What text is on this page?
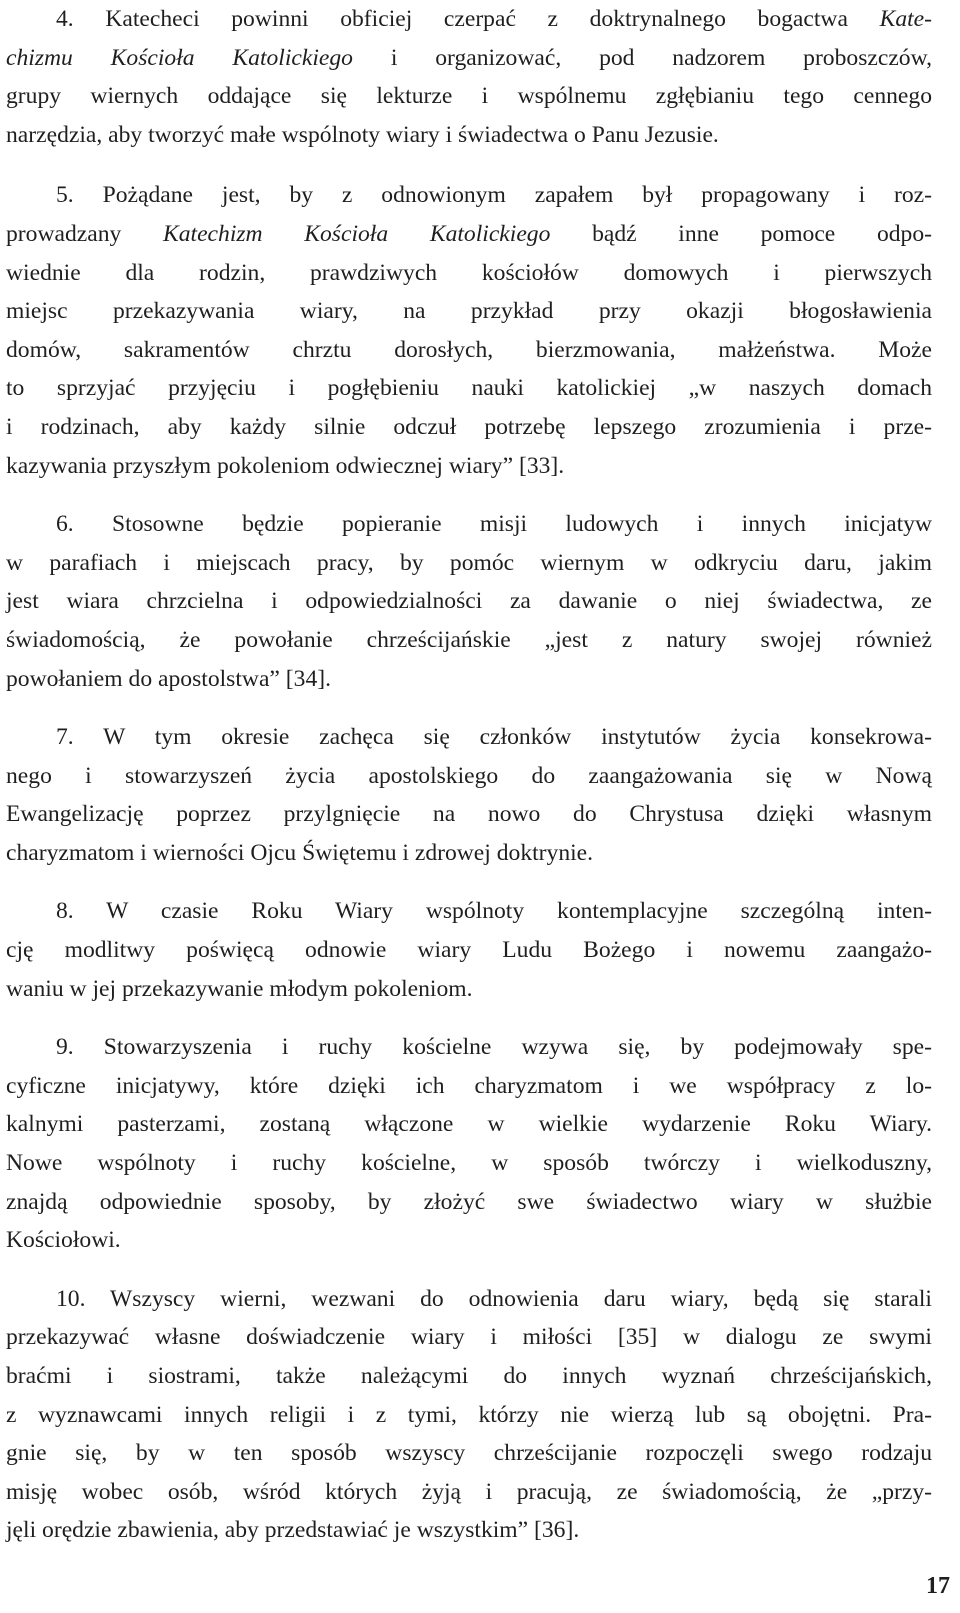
4. Katecheci powinni obficiej czerpać z doktrynalnego bogactwa Kate-
chizmu Kościoła Katolickiego i organizować, pod nadzorem proboszczów,
grupy wiernych oddające się lekturze i wspólnemu zgłębianiu tego cennego
narzędzia, aby tworzyć małe wspólnoty wiary i świadectwa o Panu Jezusie.

5. Pożądane jest, by z odnowionym zapałem był propagowany i roz-
prowadzany Katechizm Kościoła Katolickiego bądź inne pomoce odpo-
wiednie dla rodzin, prawdziwych kościołów domowych i pierwszych
miejsc przekazywania wiary, na przykład przy okazji błogosławienia
domów, sakramentów chrztu dorosłych, bierzmowania, małżeństwa. Może
to sprzyjać przyjęciu i pogłębieniu nauki katolickiej „w naszych domach
i rodzinach, aby każdy silnie odczuł potrzebę lepszego zrozumienia i prze-
kazywania przyszłym pokoleniom odwiecznej wiary” [33].

6. Stosowne będzie popieranie misji ludowych i innych inicjatyw
w parafiach i miejscach pracy, by pomóc wiernym w odkryciu daru, jakim
jest wiara chrzcielna i odpowiedzialności za dawanie o niej świadectwa, ze
świadomością, że powołanie chrześcijańskie „jest z natury swojej również
powołaniem do apostolstwa” [34].

7. W tym okresie zachęca się członków instytutów życia konsekrowa-
nego i stowarzyszeń życia apostolskiego do zaangażowania się w Nową
Ewangelizację poprzez przylgnięcie na nowo do Chrystusa dzięki własnym
charyzmatom i wierności Ojcu Świętemu i zdrowej doktrynie.

8. W czasie Roku Wiary wspólnoty kontemplacyjne szczególną inten-
cję modlitwy poświęcą odnowie wiary Ludu Bożego i nowemu zaangażo-
waniu w jej przekazywanie młodym pokoleniom.

9. Stowarzyszenia i ruchy kościelne wzywa się, by podejmowały spe-
cyficzne inicjatywy, które dzięki ich charyzmatom i we współpracy z lo-
kalnymi pasterzami, zostaną włączone w wielkie wydarzenie Roku Wiary.
Nowe wspólnoty i ruchy kościelne, w sposób twórczy i wielkoduszny,
znajdą odpowiednie sposoby, by złożyć swe świadectwo wiary w służbie
Kościołowi.

10. Wszyscy wierni, wezwani do odnowienia daru wiary, będą się starali
przekazywać własne doświadczenie wiary i miłości [35] w dialogu ze swymi
braćmi i siostrami, także należącymi do innych wyznań chrześcijańskich,
z wyznawcami innych religii i z tymi, którzy nie wierzą lub są obojętni. Pra-
gnie się, by w ten sposób wszyscy chrześcijanie rozpoczęli swego rodzaju
misję wobec osób, wśród których żyją i pracują, ze świadomością, że „przy-
jęli orędzie zbawienia, aby przedstawiać je wszystkim” [36].

17
